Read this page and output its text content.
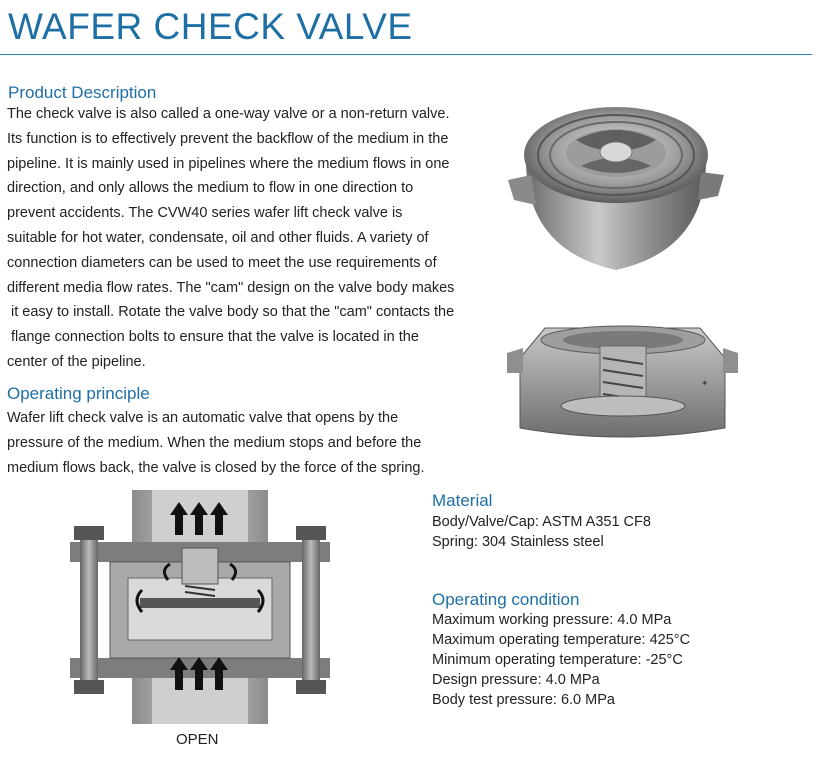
WAFER CHECK VALVE
Product Description
The check valve is also called a one-way valve or a non-return valve.
Its function is to effectively prevent the backflow of the medium in the
pipeline. It is mainly used in pipelines where the medium flows in one
direction, and only allows the medium to flow in one direction to
prevent accidents. The CVW40 series wafer lift check valve is
suitable for hot water, condensate, oil and other fluids. A variety of
connection diameters can be used to meet the use requirements of
different media flow rates. The "cam" design on the valve body makes
it easy to install. Rotate the valve body so that the "cam" contacts the
flange connection bolts to ensure that the valve is located in the
center of the pipeline.
Operating principle
Wafer lift check valve is an automatic valve that opens by the
pressure of the medium. When the medium stops and before the
medium flows back, the valve is closed by the force of the spring.
Material
Body/Valve/Cap: ASTM A351 CF8
Spring: 304 Stainless steel
Operating condition
Maximum working pressure: 4.0 MPa
Maximum operating temperature: 425°C
Minimum operating temperature: -25°C
Design pressure: 4.0 MPa
Body test pressure: 6.0 MPa
✦
OPEN
